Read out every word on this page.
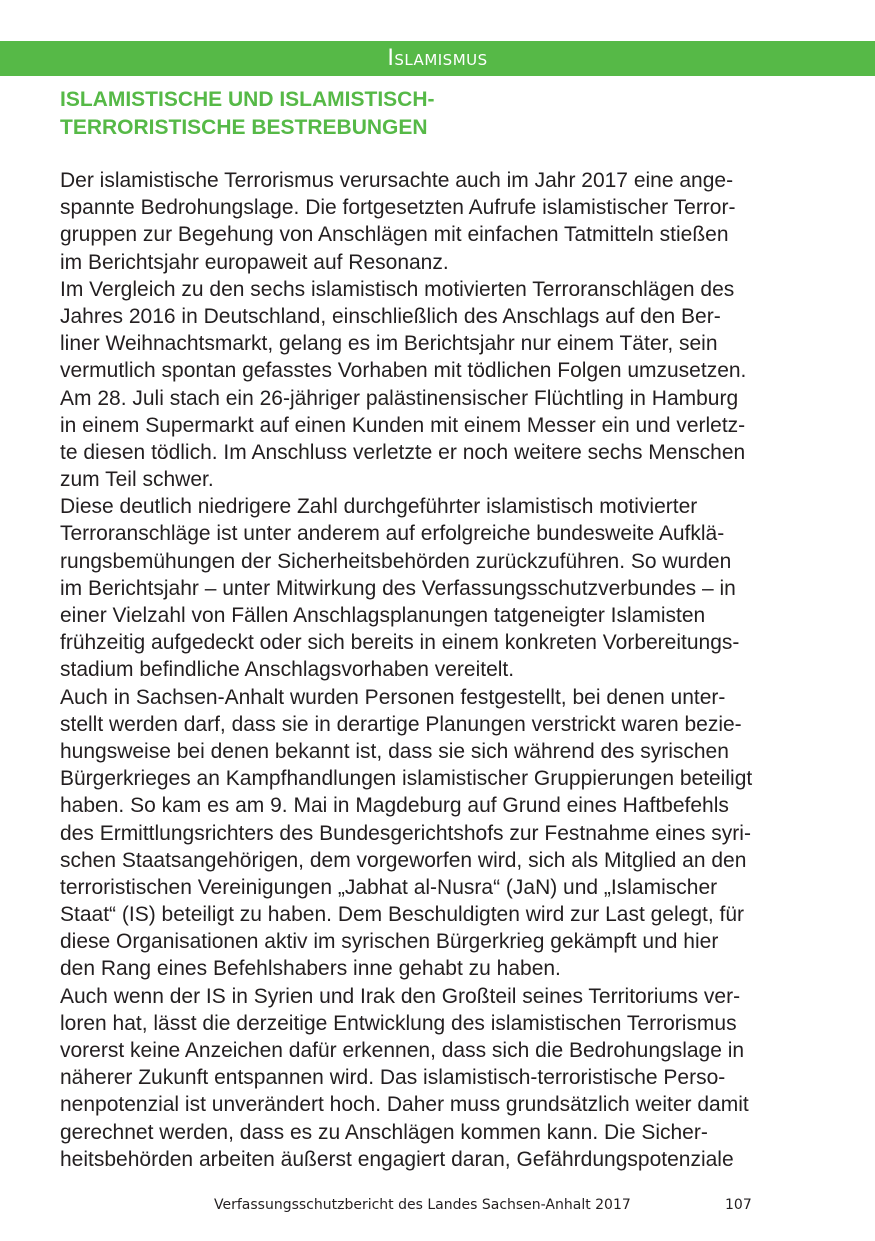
Islamismus
ISLAMISTISCHE UND ISLAMISTISCH-
TERRORISTISCHE BESTREBUNGEN
Der islamistische Terrorismus verursachte auch im Jahr 2017 eine ange-
spannte Bedrohungslage. Die fortgesetzten Aufrufe islamistischer Terror-
gruppen zur Begehung von Anschlägen mit einfachen Tatmitteln stießen
im Berichtsjahr europaweit auf Resonanz.
Im Vergleich zu den sechs islamistisch motivierten Terroranschlägen des
Jahres 2016 in Deutschland, einschließlich des Anschlags auf den Ber-
liner Weihnachtsmarkt, gelang es im Berichtsjahr nur einem Täter, sein
vermutlich spontan gefasstes Vorhaben mit tödlichen Folgen umzusetzen.
Am 28. Juli stach ein 26-jähriger palästinensischer Flüchtling in Hamburg
in einem Supermarkt auf einen Kunden mit einem Messer ein und verletz-
te diesen tödlich. Im Anschluss verletzte er noch weitere sechs Menschen
zum Teil schwer.
Diese deutlich niedrigere Zahl durchgeführter islamistisch motivierter
Terroranschläge ist unter anderem auf erfolgreiche bundesweite Aufklä-
rungsbemühungen der Sicherheitsbehörden zurückzuführen. So wurden
im Berichtsjahr – unter Mitwirkung des Verfassungsschutzverbundes – in
einer Vielzahl von Fällen Anschlagsplanungen tatgeneigter Islamisten
frühzeitig aufgedeckt oder sich bereits in einem konkreten Vorbereitungs-
stadium befindliche Anschlagsvorhaben vereitelt.
Auch in Sachsen-Anhalt wurden Personen festgestellt, bei denen unter-
stellt werden darf, dass sie in derartige Planungen verstrickt waren bezie-
hungsweise bei denen bekannt ist, dass sie sich während des syrischen
Bürgerkrieges an Kampfhandlungen islamistischer Gruppierungen beteiligt
haben. So kam es am 9. Mai in Magdeburg auf Grund eines Haftbefehls
des Ermittlungsrichters des Bundesgerichtshofs zur Festnahme eines syri-
schen Staatsangehörigen, dem vorgeworfen wird, sich als Mitglied an den
terroristischen Vereinigungen „Jabhat al-Nusra“ (JaN) und „Islamischer
Staat“ (IS) beteiligt zu haben. Dem Beschuldigten wird zur Last gelegt, für
diese Organisationen aktiv im syrischen Bürgerkrieg gekämpft und hier
den Rang eines Befehlshabers inne gehabt zu haben.
Auch wenn der IS in Syrien und Irak den Großteil seines Territoriums ver-
loren hat, lässt die derzeitige Entwicklung des islamistischen Terrorismus
vorerst keine Anzeichen dafür erkennen, dass sich die Bedrohungslage in
näherer Zukunft entspannen wird. Das islamistisch-terroristische Perso-
nenpotenzial ist unverändert hoch. Daher muss grundsätzlich weiter damit
gerechnet werden, dass es zu Anschlägen kommen kann. Die Sicher-
heitsbehörden arbeiten äußerst engagiert daran, Gefährdungspotenziale
Verfassungsschutzbericht des Landes Sachsen-Anhalt 2017	107
